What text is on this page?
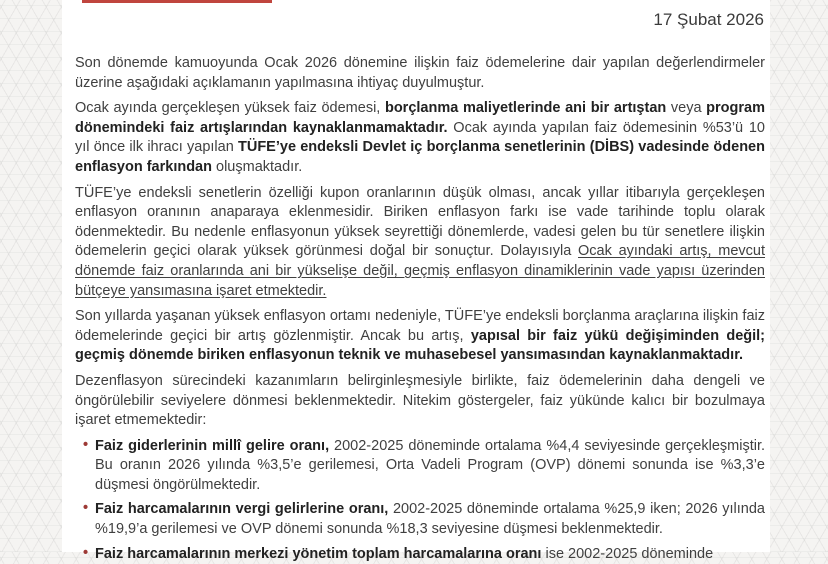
17 Şubat 2026
Son dönemde kamuoyunda Ocak 2026 dönemine ilişkin faiz ödemelerine dair yapılan değerlendirmeler üzerine aşağıdaki açıklamanın yapılmasına ihtiyaç duyulmuştur.
Ocak ayında gerçekleşen yüksek faiz ödemesi, borçlanma maliyetlerinde ani bir artıştan veya program dönemindeki faiz artışlarından kaynaklanmamaktadır. Ocak ayında yapılan faiz ödemesinin %53’ü 10 yıl önce ilk ihracı yapılan TÜFE’ye endeksli Devlet iç borçlanma senetlerinin (DİBS) vadesinde ödenen enflasyon farkından oluşmaktadır.
TÜFE’ye endeksli senetlerin özelliği kupon oranlarının düşük olması, ancak yıllar itibarıyla gerçekleşen enflasyon oranının anaparaya eklenmesidir. Biriken enflasyon farkı ise vade tarihinde toplu olarak ödenmektedir. Bu nedenle enflasyonun yüksek seyrettiği dönemlerde, vadesi gelen bu tür senetlere ilişkin ödemelerin geçici olarak yüksek görünmesi doğal bir sonuçtur. Dolayısıyla Ocak ayındaki artış, mevcut dönemde faiz oranlarında ani bir yükselişe değil, geçmiş enflasyon dinamiklerinin vade yapısı üzerinden bütçeye yansımasına işaret etmektedir.
Son yıllarda yaşanan yüksek enflasyon ortamı nedeniyle, TÜFE’ye endeksli borçlanma araçlarına ilişkin faiz ödemelerinde geçici bir artış gözlenmiştir. Ancak bu artış, yapısal bir faiz yükü değişiminden değil; geçmiş dönemde biriken enflasyonun teknik ve muhasebesel yansımasından kaynaklanmaktadır.
Dezenflasyon sürecindeki kazanımların belirginleşmesiyle birlikte, faiz ödemelerinin daha dengeli ve öngörülebilir seviyelere dönmesi beklenmektedir. Nitekim göstergeler, faiz yükünde kalıcı bir bozulmaya işaret etmemektedir:
• Faiz giderlerinin millî gelire oranı, 2002-2025 döneminde ortalama %4,4 seviyesinde gerçekleşmiştir. Bu oranın 2026 yılında %3,5’e gerilemesi, Orta Vadeli Program (OVP) dönemi sonunda ise %3,3’e düşmesi öngörülmektedir.
• Faiz harcamalarının vergi gelirlerine oranı, 2002-2025 döneminde ortalama %25,9 iken; 2026 yılında %19,9’a gerilemesi ve OVP dönemi sonunda %18,3 seviyesine düşmesi beklenmektedir.
• Faiz harcamalarının merkezi yönetim toplam harcamalarına oranı ise 2002-2025 döneminde
